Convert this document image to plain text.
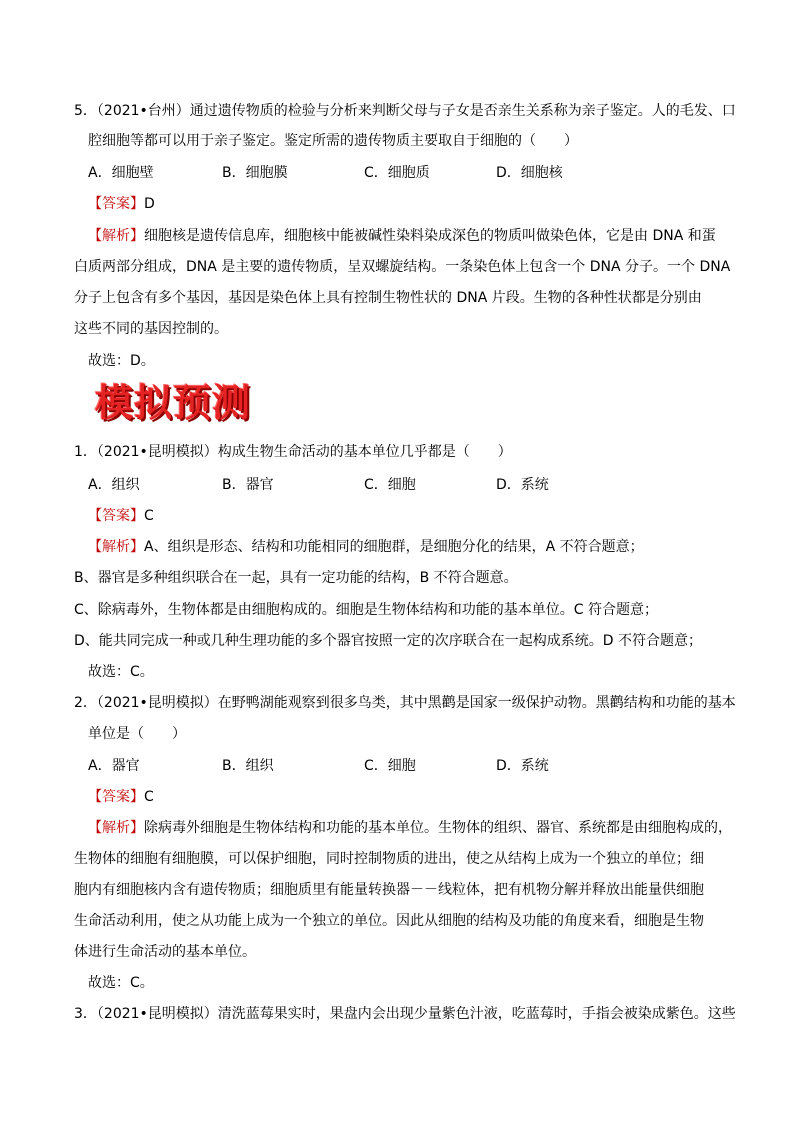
5．（2021•台州）通过遗传物质的检验与分析来判断父母与子女是否亲生关系称为亲子鉴定。人的毛发、口
腔细胞等都可以用于亲子鉴定。鉴定所需的遗传物质主要取自于细胞的（　　）
A．细胞壁	B．细胞膜	C．细胞质	D．细胞核
【答案】D
【解析】细胞核是遗传信息库，细胞核中能被碱性染料染成深色的物质叫做染色体，它是由 DNA 和蛋
白质两部分组成，DNA 是主要的遗传物质，呈双螺旋结构。一条染色体上包含一个 DNA 分子。一个 DNA
分子上包含有多个基因，基因是染色体上具有控制生物性状的 DNA 片段。生物的各种性状都是分别由
这些不同的基因控制的。
故选：D。
模拟预测
1．（2021•昆明模拟）构成生物生命活动的基本单位几乎都是（　　）
A．组织	B．器官	C．细胞	D．系统
【答案】C
【解析】A、组织是形态、结构和功能相同的细胞群，是细胞分化的结果，A 不符合题意；
B、器官是多种组织联合在一起，具有一定功能的结构，B 不符合题意。
C、除病毒外，生物体都是由细胞构成的。细胞是生物体结构和功能的基本单位。C 符合题意；
D、能共同完成一种或几种生理功能的多个器官按照一定的次序联合在一起构成系统。D 不符合题意；
故选：C。
2．（2021•昆明模拟）在野鸭湖能观察到很多鸟类，其中黑鹳是国家一级保护动物。黑鹳结构和功能的基本
单位是（　　）
A．器官	B．组织	C．细胞	D．系统
【答案】C
【解析】除病毒外细胞是生物体结构和功能的基本单位。生物体的组织、器官、系统都是由细胞构成的，
生物体的细胞有细胞膜，可以保护细胞，同时控制物质的进出，使之从结构上成为一个独立的单位；细
胞内有细胞核内含有遗传物质；细胞质里有能量转换器－－线粒体，把有机物分解并释放出能量供细胞
生命活动利用，使之从功能上成为一个独立的单位。因此从细胞的结构及功能的角度来看，细胞是生物
体进行生命活动的基本单位。
故选：C。
3．（2021•昆明模拟）清洗蓝莓果实时，果盘内会出现少量紫色汁液，吃蓝莓时，手指会被染成紫色。这些
